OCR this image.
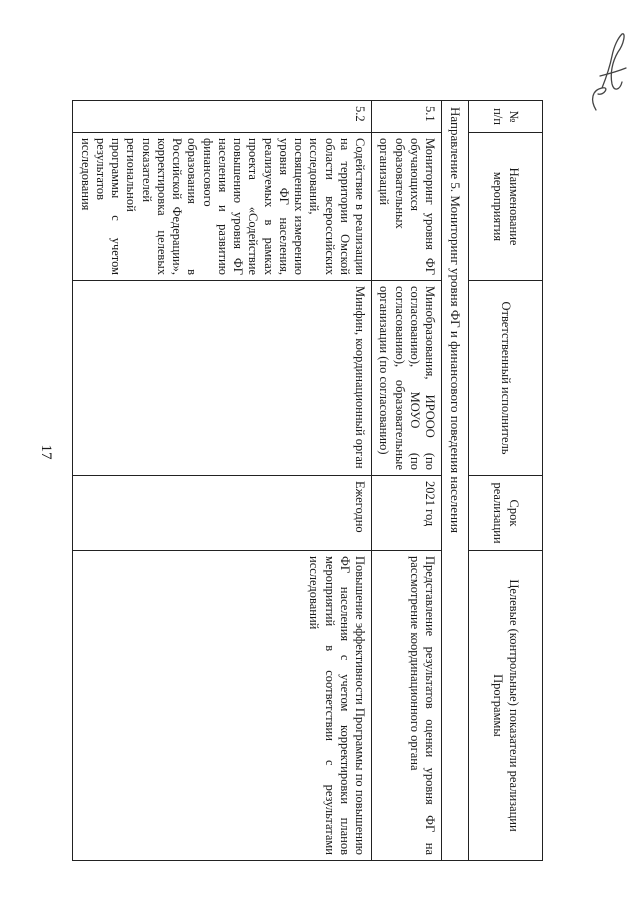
17
№ п/п	Наименование мероприятия	Ответственный исполнитель	Срок реализации	Целевые (контрольные) показатели реализации Программы
Направление 5. Мониторинг уровня ФГ и финансового поведения населения				
5.1	Мониторинг уровня ФГ обучающихся образовательных организаций	Минобразования, ИРООО (по согласованию), МОУО (по согласованию), образовательные организации (по согласованию)	2021 год	Представление результатов оценки уровня ФГ на рассмотрение координационного органа
5.2	Содействие в реализации на территории Омской области всероссийских исследований, посвященных измерению уровня ФГ населения, реализуемых в рамках проекта «Содействие повышению уровня ФГ населения и развитию финансового образования в Российской Федерации», корректировка целевых показателей региональной программы с учетом результатов исследования	Минфин, координационный орган	Ежегодно	Повышение эффективности Программы по повышению ФГ населения с учетом корректировки планов мероприятий в соответствии с результатами исследований
